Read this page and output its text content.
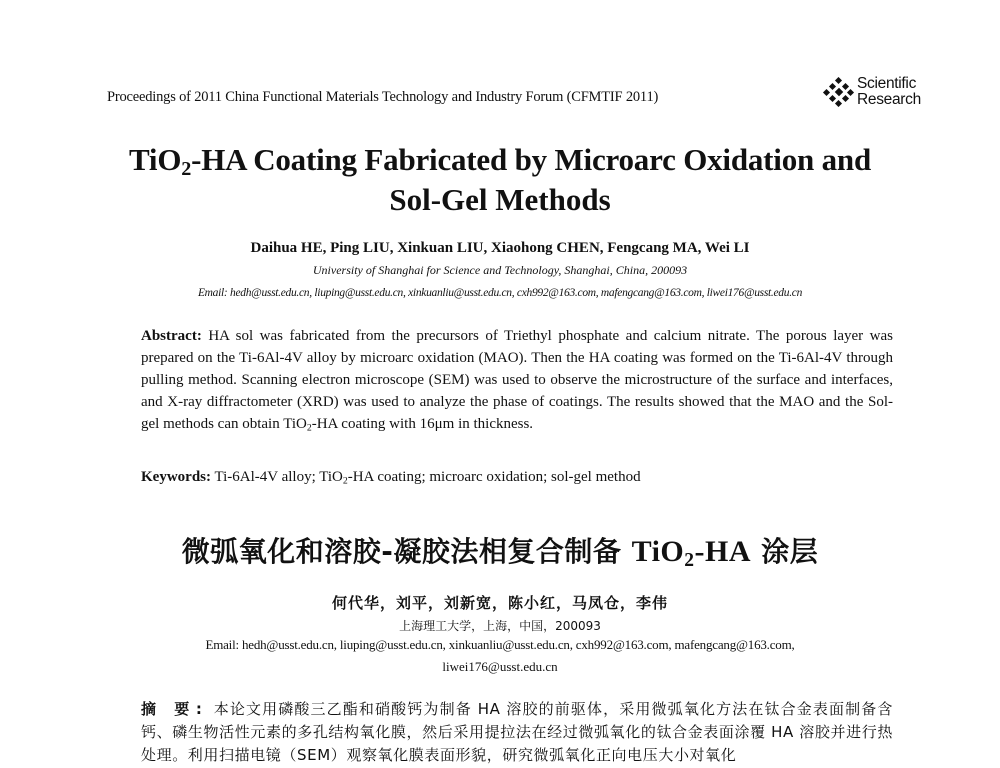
Proceedings of 2011 China Functional Materials Technology and Industry Forum (CFMTIF 2011)
Scientific
Research
TiO$_2$-HA Coating Fabricated by Microarc Oxidation and
Sol-Gel Methods
Daihua HE, Ping LIU, Xinkuan LIU, Xiaohong CHEN, Fengcang MA, Wei LI
University of Shanghai for Science and Technology, Shanghai, China, 200093
Email: hedh@usst.edu.cn, liuping@usst.edu.cn, xinkuanliu@usst.edu.cn, cxh992@163.com, mafengcang@163.com, liwei176@usst.edu.cn
Abstract: HA sol was fabricated from the precursors of Triethyl phosphate and calcium nitrate. The porous layer was prepared on the Ti-6Al-4V alloy by microarc oxidation (MAO). Then the HA coating was formed on the Ti-6Al-4V through pulling method. Scanning electron microscope (SEM) was used to observe the microstructure of the surface and interfaces, and X-ray diffractometer (XRD) was used to analyze the phase of coatings. The results showed that the MAO and the Sol-gel methods can obtain TiO$_2$-HA coating with 16μm in thickness.
Keywords: Ti-6Al-4V alloy; TiO$_2$-HA coating; microarc oxidation; sol-gel method
微弧氧化和溶胶-凝胶法相复合制备 TiO$_2$-HA 涂层
何代华，刘平，刘新宽，陈小红，马凤仓，李伟
上海理工大学，上海，中国，200093
Email: hedh@usst.edu.cn, liuping@usst.edu.cn, xinkuanliu@usst.edu.cn, cxh992@163.com, mafengcang@163.com,
liwei176@usst.edu.cn
摘 要: 本论文用磷酸三乙酯和硝酸钙为制备 HA 溶胶的前驱体，采用微弧氧化方法在钛合金表面制备含钙、磷生物活性元素的多孔结构氧化膜，然后采用提拉法在经过微弧氧化的钛合金表面涂覆 HA 溶胶并进行热处理。利用扫描电镜（SEM）观察氧化膜表面形貌，研究微弧氧化正向电压大小对氧化
